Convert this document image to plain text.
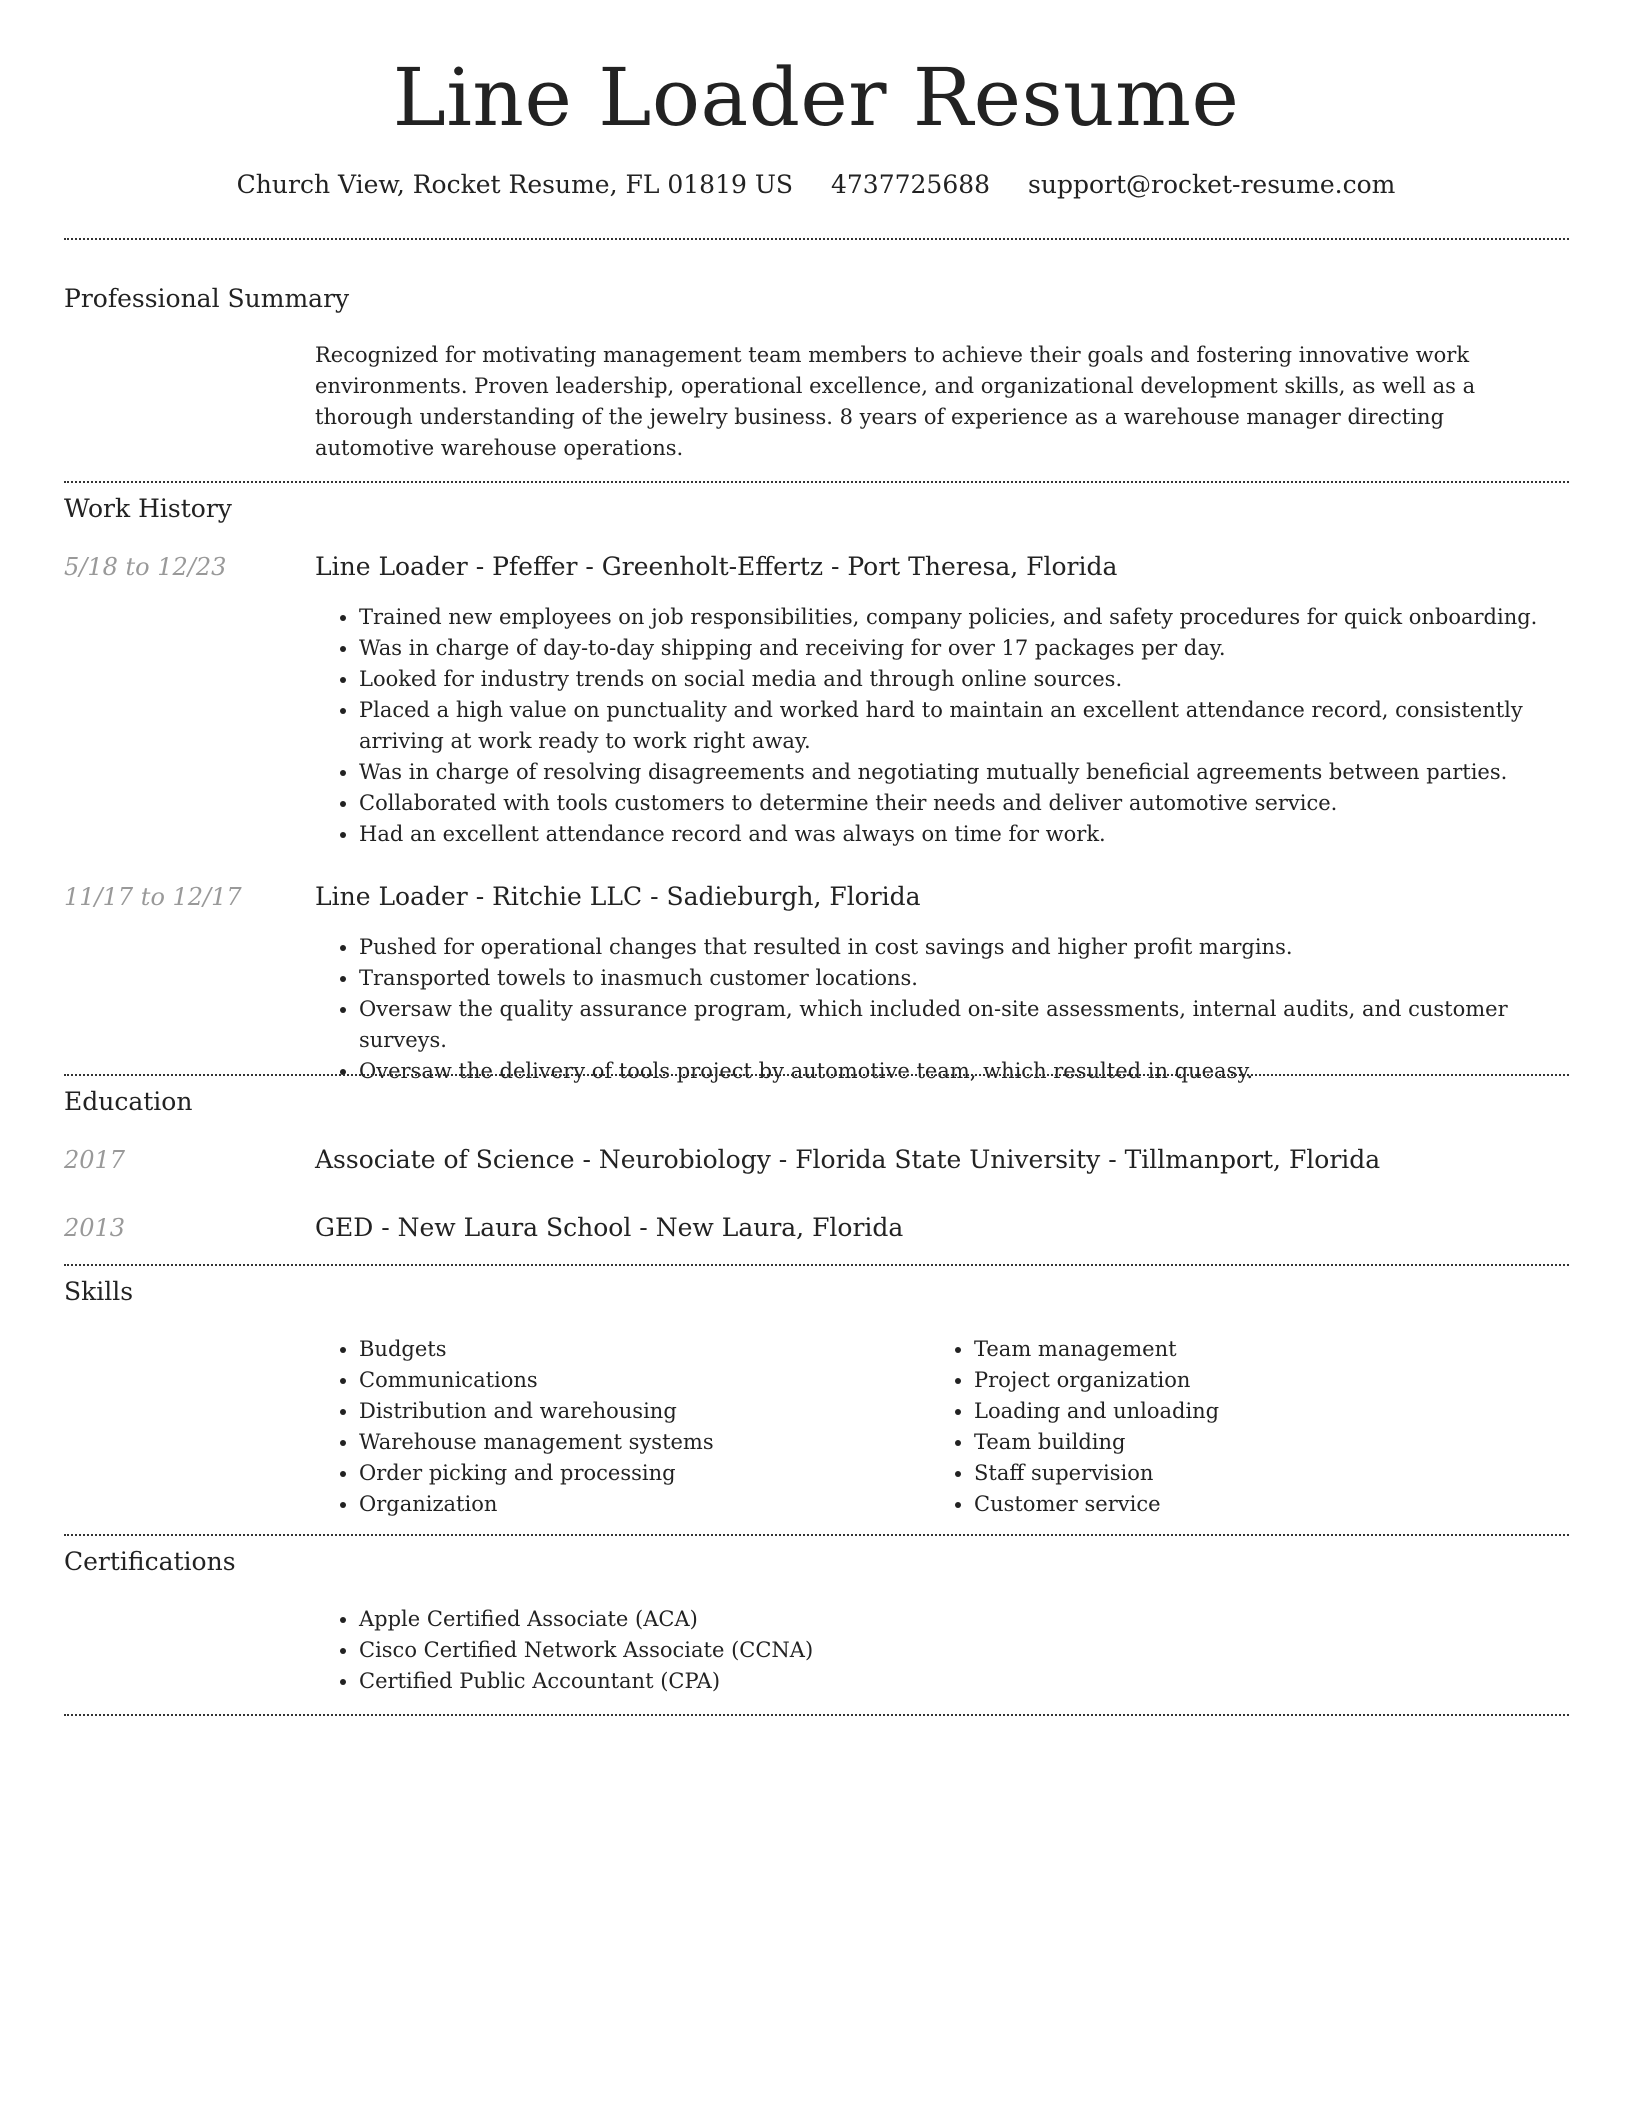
Line Loader Resume
Church View, Rocket Resume, FL 01819 US 4737725688 support@rocket-resume.com
Professional Summary
Recognized for motivating management team members to achieve their goals and fostering innovative work environments. Proven leadership, operational excellence, and organizational development skills, as well as a thorough understanding of the jewelry business. 8 years of experience as a warehouse manager directing automotive warehouse operations.
Work History
5/18 to 12/23	Line Loader - Pfeffer - Greenholt-Effertz - Port Theresa, Florida
• Trained new employees on job responsibilities, company policies, and safety procedures for quick onboarding.
• Was in charge of day-to-day shipping and receiving for over 17 packages per day.
• Looked for industry trends on social media and through online sources.
• Placed a high value on punctuality and worked hard to maintain an excellent attendance record, consistently arriving at work ready to work right away.
• Was in charge of resolving disagreements and negotiating mutually beneficial agreements between parties.
• Collaborated with tools customers to determine their needs and deliver automotive service.
• Had an excellent attendance record and was always on time for work.
11/17 to 12/17	Line Loader - Ritchie LLC - Sadieburgh, Florida
• Pushed for operational changes that resulted in cost savings and higher profit margins.
• Transported towels to inasmuch customer locations.
• Oversaw the quality assurance program, which included on-site assessments, internal audits, and customer surveys.
• Oversaw the delivery of tools project by automotive team, which resulted in queasy.
Education
2017	Associate of Science - Neurobiology - Florida State University - Tillmanport, Florida
2013	GED - New Laura School - New Laura, Florida
Skills
• Budgets
• Communications
• Distribution and warehousing
• Warehouse management systems
• Order picking and processing
• Organization
• Team management
• Project organization
• Loading and unloading
• Team building
• Staff supervision
• Customer service
Certifications
• Apple Certified Associate (ACA)
• Cisco Certified Network Associate (CCNA)
• Certified Public Accountant (CPA)
